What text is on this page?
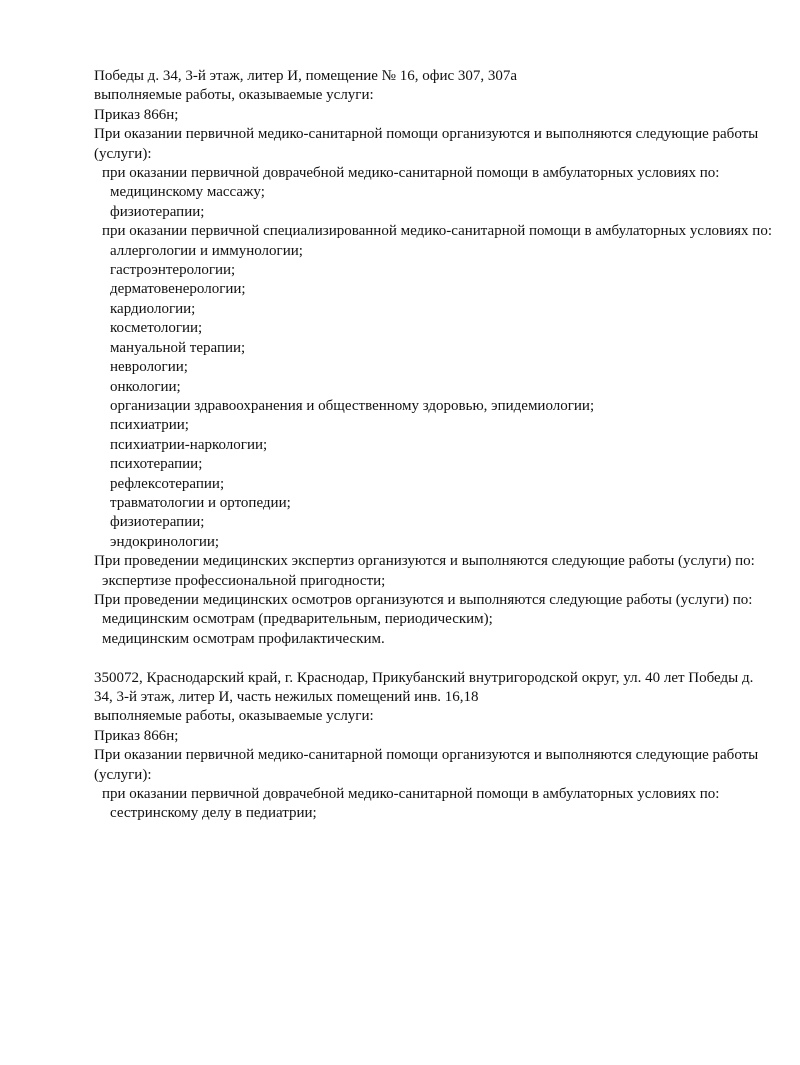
Победы д. 34, 3-й этаж, литер И, помещение № 16, офис 307, 307а
выполняемые работы, оказываемые услуги:
Приказ 866н;
При оказании первичной медико-санитарной помощи организуются и выполняются следующие работы (услуги):
при оказании первичной доврачебной медико-санитарной помощи в амбулаторных условиях по:
медицинскому массажу;
физиотерапии;
при оказании первичной специализированной медико-санитарной помощи в амбулаторных условиях по:
аллергологии и иммунологии;
гастроэнтерологии;
дерматовенерологии;
кардиологии;
косметологии;
мануальной терапии;
неврологии;
онкологии;
организации здравоохранения и общественному здоровью, эпидемиологии;
психиатрии;
психиатрии-наркологии;
психотерапии;
рефлексотерапии;
травматологии и ортопедии;
физиотерапии;
эндокринологии;
При проведении медицинских экспертиз организуются и выполняются следующие работы (услуги) по:
экспертизе профессиональной пригодности;
При проведении медицинских осмотров организуются и выполняются следующие работы (услуги) по:
медицинским осмотрам (предварительным, периодическим);
медицинским осмотрам профилактическим.
350072, Краснодарский край, г. Краснодар, Прикубанский внутригородской округ, ул. 40 лет Победы д. 34, 3-й этаж, литер И, часть нежилых помещений инв. 16,18
выполняемые работы, оказываемые услуги:
Приказ 866н;
При оказании первичной медико-санитарной помощи организуются и выполняются следующие работы (услуги):
при оказании первичной доврачебной медико-санитарной помощи в амбулаторных условиях по:
сестринскому делу в педиатрии;
